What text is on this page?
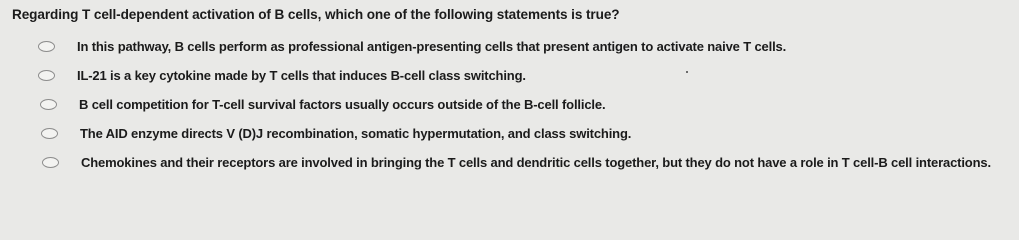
Regarding T cell-dependent activation of B cells, which one of the following statements is true?

In this pathway, B cells perform as professional antigen-presenting cells that present antigen to activate naive T cells.
IL-21 is a key cytokine made by T cells that induces B-cell class switching.
B cell competition for T-cell survival factors usually occurs outside of the B-cell follicle.
The AID enzyme directs V (D)J recombination, somatic hypermutation, and class switching.
Chemokines and their receptors are involved in bringing the T cells and dendritic cells together, but they do not have a role in T cell-B cell interactions.
